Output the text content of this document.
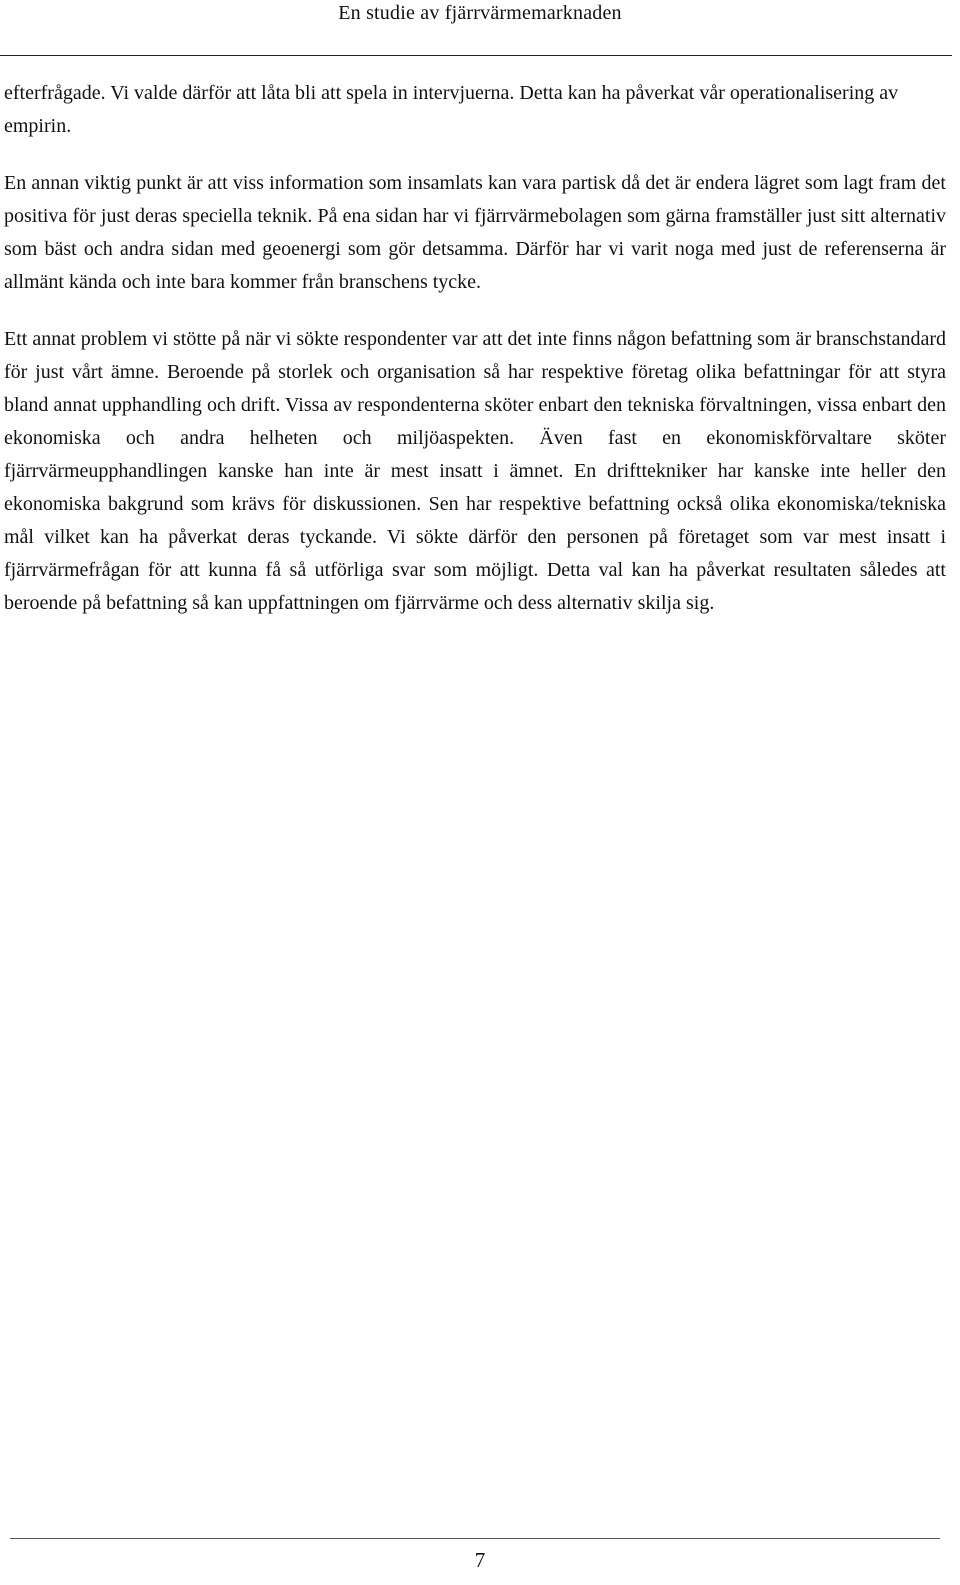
En studie av fjärrvärmemarknaden

efterfrågade. Vi valde därför att låta bli att spela in intervjuerna. Detta kan ha påverkat vår operationalisering av empirin.

En annan viktig punkt är att viss information som insamlats kan vara partisk då det är endera lägret som lagt fram det positiva för just deras speciella teknik. På ena sidan har vi fjärrvärmebolagen som gärna framställer just sitt alternativ som bäst och andra sidan med geoenergi som gör detsamma. Därför har vi varit noga med just de referenserna är allmänt kända och inte bara kommer från branschens tycke.

Ett annat problem vi stötte på när vi sökte respondenter var att det inte finns någon befattning som är branschstandard för just vårt ämne. Beroende på storlek och organisation så har respektive företag olika befattningar för att styra bland annat upphandling och drift. Vissa av respondenterna sköter enbart den tekniska förvaltningen, vissa enbart den ekonomiska och andra helheten och miljöaspekten. Även fast en ekonomiskförvaltare sköter fjärrvärmeupphandlingen kanske han inte är mest insatt i ämnet. En drifttekniker har kanske inte heller den ekonomiska bakgrund som krävs för diskussionen. Sen har respektive befattning också olika ekonomiska/tekniska mål vilket kan ha påverkat deras tyckande. Vi sökte därför den personen på företaget som var mest insatt i fjärrvärmefrågan för att kunna få så utförliga svar som möjligt. Detta val kan ha påverkat resultaten således att beroende på befattning så kan uppfattningen om fjärrvärme och dess alternativ skilja sig.

7
